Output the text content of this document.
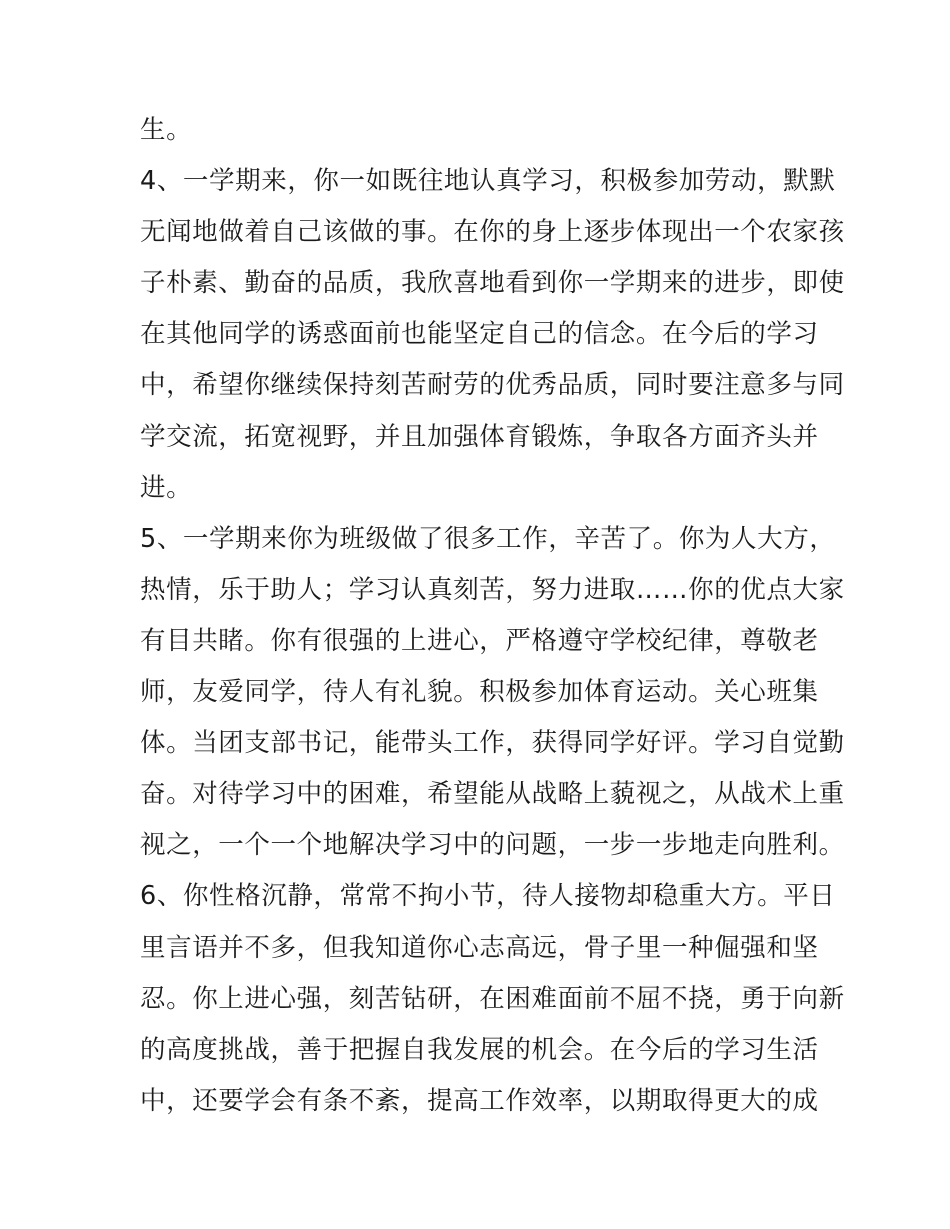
生。
4、一学期来，你一如既往地认真学习，积极参加劳动，默默
无闻地做着自己该做的事。在你的身上逐步体现出一个农家孩
子朴素、勤奋的品质，我欣喜地看到你一学期来的进步，即使
在其他同学的诱惑面前也能坚定自己的信念。在今后的学习
中，希望你继续保持刻苦耐劳的优秀品质，同时要注意多与同
学交流，拓宽视野，并且加强体育锻炼，争取各方面齐头并
进。
5、一学期来你为班级做了很多工作，辛苦了。你为人大方，
热情，乐于助人；学习认真刻苦，努力进取……你的优点大家
有目共睹。你有很强的上进心，严格遵守学校纪律，尊敬老
师，友爱同学，待人有礼貌。积极参加体育运动。关心班集
体。当团支部书记，能带头工作，获得同学好评。学习自觉勤
奋。对待学习中的困难，希望能从战略上藐视之，从战术上重
视之，一个一个地解决学习中的问题，一步一步地走向胜利。
6、你性格沉静，常常不拘小节，待人接物却稳重大方。平日
里言语并不多，但我知道你心志高远，骨子里一种倔强和坚
忍。你上进心强，刻苦钻研，在困难面前不屈不挠，勇于向新
的高度挑战，善于把握自我发展的机会。在今后的学习生活
中，还要学会有条不紊，提高工作效率，以期取得更大的成
